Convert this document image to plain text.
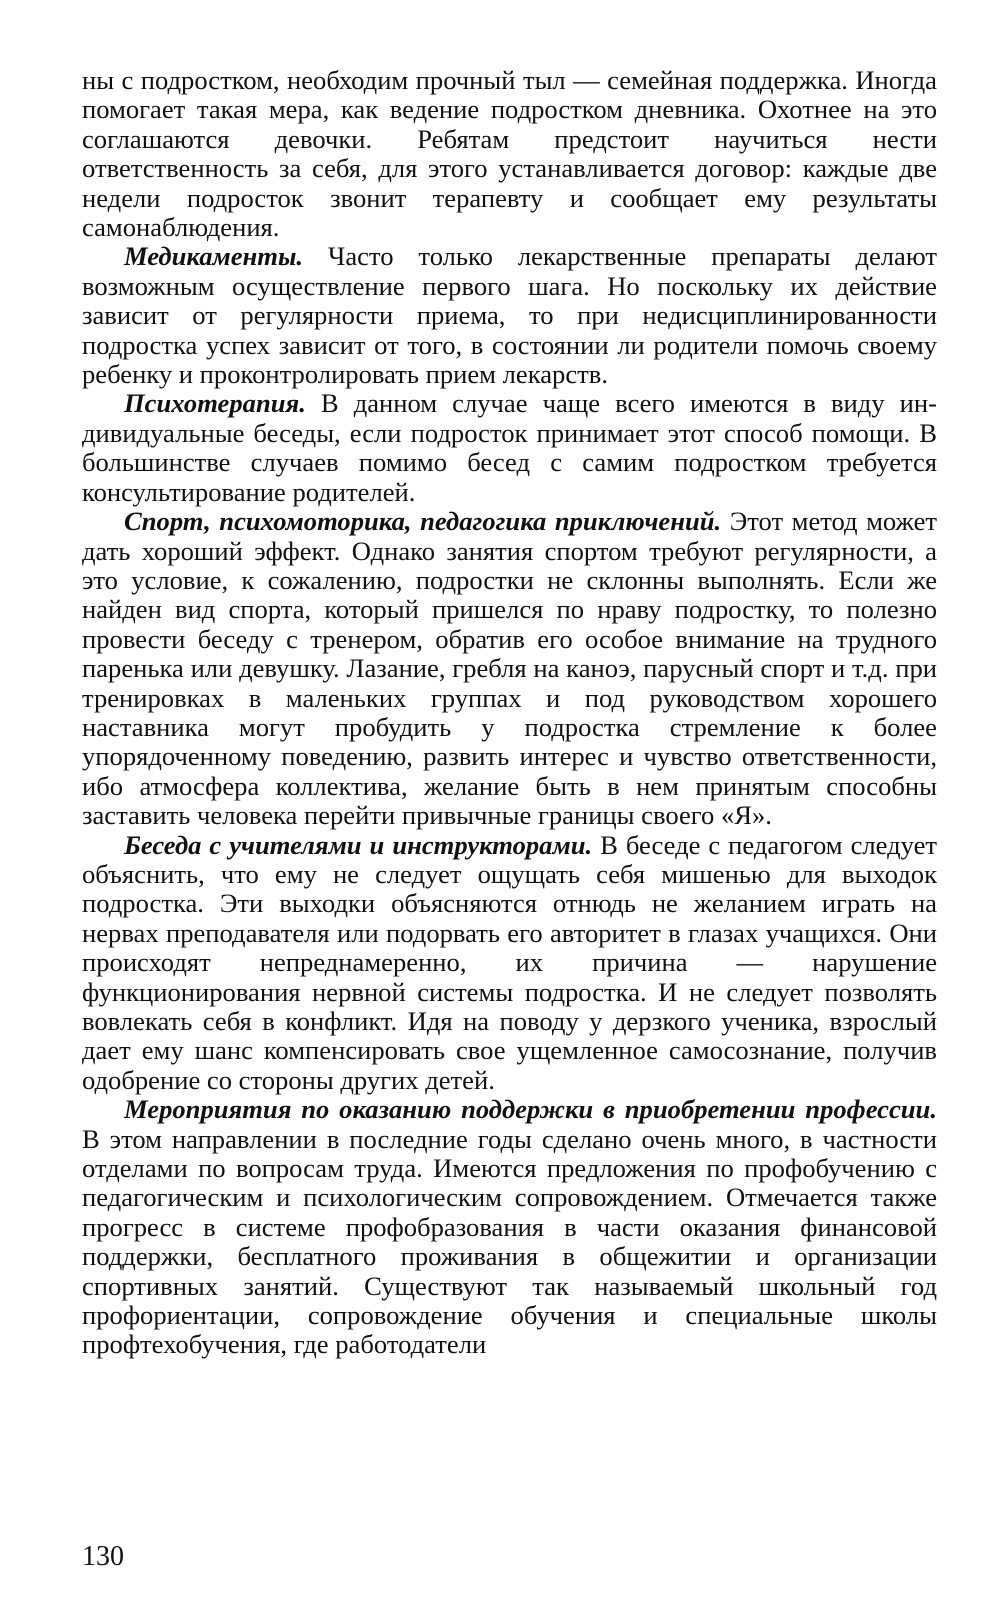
ны с подростком, необходим прочный тыл — семейная поддержка. Иногда помогает такая мера, как ведение подростком дневника. Охотнее на это соглашаются девочки. Ребятам предстоит научиться нести ответственность за себя, для этого устанавливается договор: каждые две недели подросток звонит терапевту и сообщает ему результаты самонаблюдения.

Медикаменты. Часто только лекарственные препараты делают возможным осуществление первого шага. Но поскольку их действие зависит от регулярности приема, то при недисциплинированности подростка успех зависит от того, в состоянии ли родители помочь своему ребенку и проконтролировать прием лекарств.

Психотерапия. В данном случае чаще всего имеются в виду индивидуальные беседы, если подросток принимает этот способ помощи. В большинстве случаев помимо бесед с самим подростком требуется консультирование родителей.

Спорт, психомоторика, педагогика приключений. Этот метод может дать хороший эффект. Однако занятия спортом требуют регулярности, а это условие, к сожалению, подростки не склонны выполнять. Если же найден вид спорта, который пришелся по нраву подростку, то полезно провести беседу с тренером, обратив его особое внимание на трудного паренька или девушку. Лазание, гребля на каноэ, парусный спорт и т.д. при тренировках в маленьких группах и под руководством хорошего наставника могут пробудить у подростка стремление к более упорядоченному поведению, развить интерес и чувство ответственности, ибо атмосфера коллектива, желание быть в нем принятым способны заставить человека перейти привычные границы своего «Я».

Беседа с учителями и инструкторами. В беседе с педагогом следует объяснить, что ему не следует ощущать себя мишенью для выходок подростка. Эти выходки объясняются отнюдь не желанием играть на нервах преподавателя или подорвать его авторитет в глазах учащихся. Они происходят непреднамеренно, их причина — нарушение функционирования нервной системы подростка. И не следует позволять вовлекать себя в конфликт. Идя на поводу у дерзкого ученика, взрослый дает ему шанс компенсировать свое ущемленное самосознание, получив одобрение со стороны других детей.

Мероприятия по оказанию поддержки в приобретении профессии. В этом направлении в последние годы сделано очень много, в частности отделами по вопросам труда. Имеются предложения по профобучению с педагогическим и психологическим сопровождением. Отмечается также прогресс в системе профобразования в части оказания финансовой поддержки, бесплатного проживания в общежитии и организации спортивных занятий. Существуют так называемый школьный год профориентации, сопровождение обучения и специальные школы профтехобучения, где работодатели

130
